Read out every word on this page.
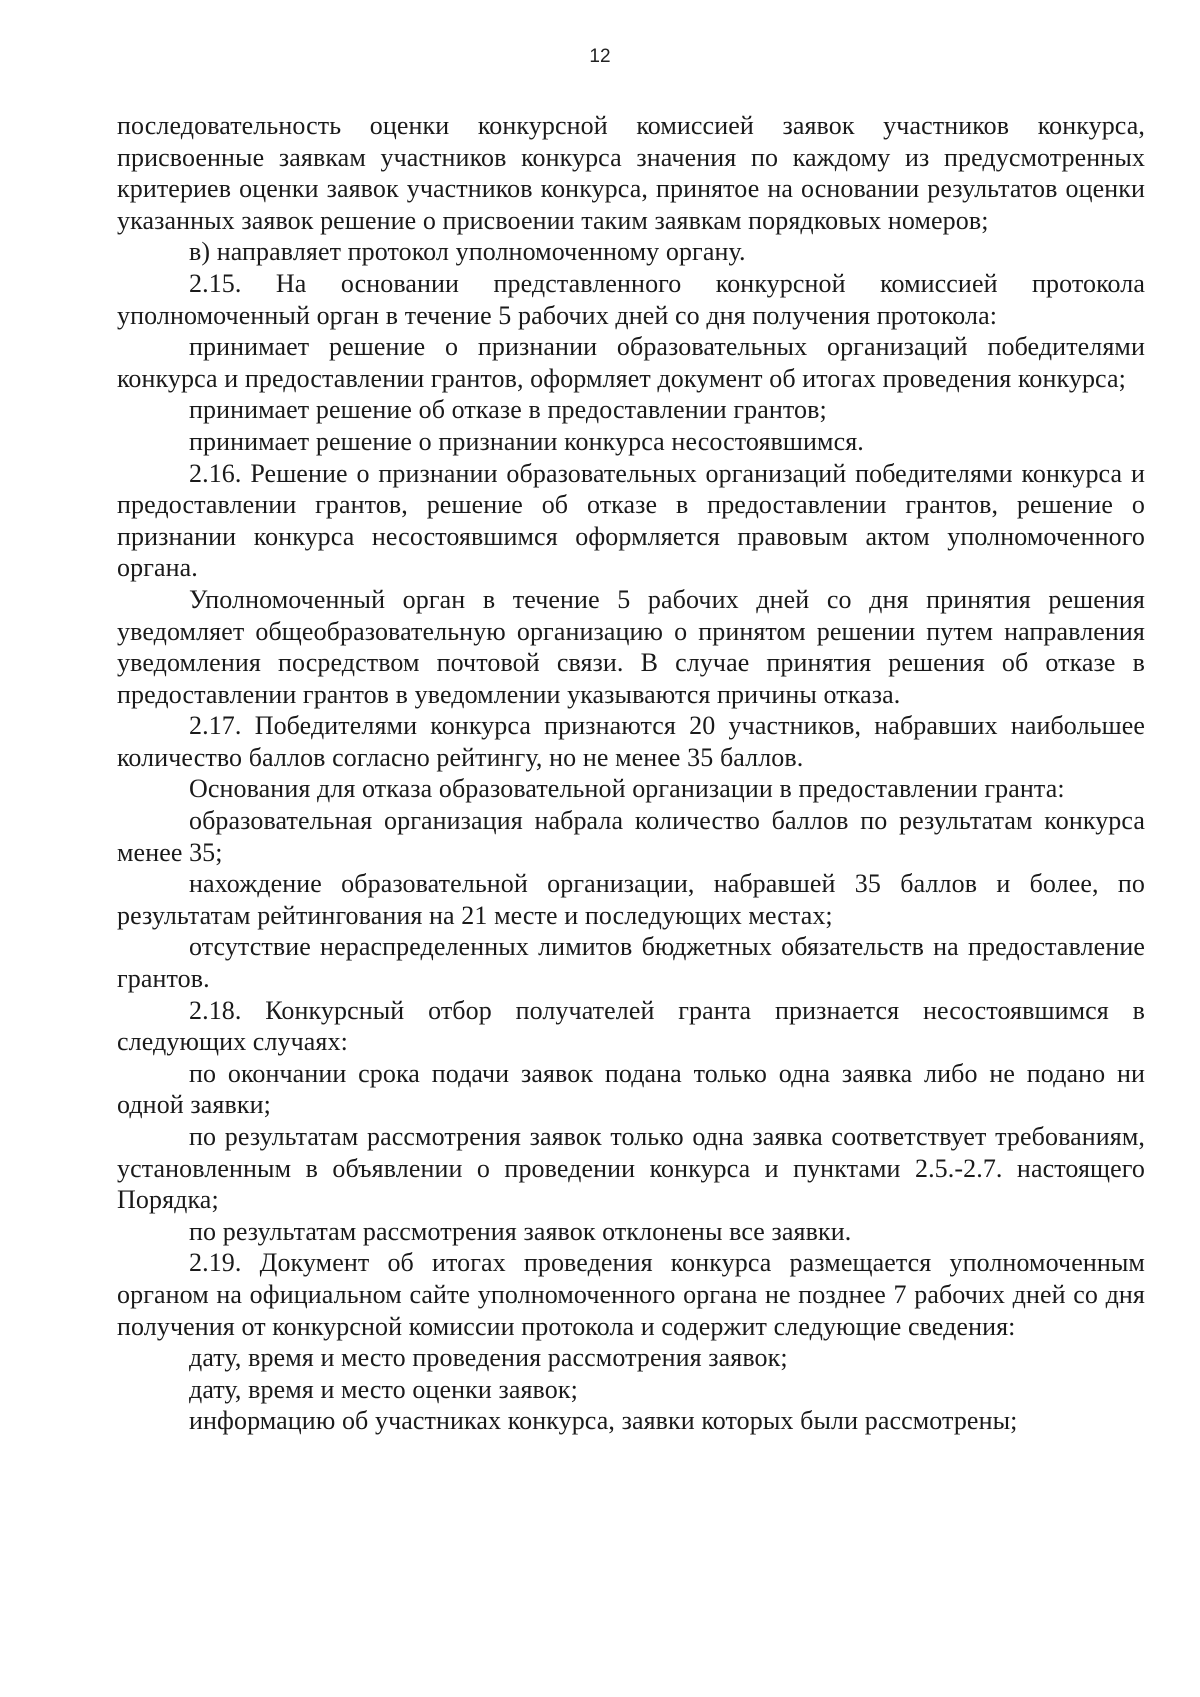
12

последовательность оценки конкурсной комиссией заявок участников конкурса, присвоенные заявкам участников конкурса значения по каждому из предусмотренных критериев оценки заявок участников конкурса, принятое на основании результатов оценки указанных заявок решение о присвоении таким заявкам порядковых номеров;

в) направляет протокол уполномоченному органу.

2.15. На основании представленного конкурсной комиссией протокола уполномоченный орган в течение 5 рабочих дней со дня получения протокола:

принимает решение о признании образовательных организаций победителями конкурса и предоставлении грантов, оформляет документ об итогах проведения конкурса;

принимает решение об отказе в предоставлении грантов;

принимает решение о признании конкурса несостоявшимся.

2.16. Решение о признании образовательных организаций победителями конкурса и предоставлении грантов, решение об отказе в предоставлении грантов, решение о признании конкурса несостоявшимся оформляется правовым актом уполномоченного органа.

Уполномоченный орган в течение 5 рабочих дней со дня принятия решения уведомляет общеобразовательную организацию о принятом решении путем направления уведомления посредством почтовой связи. В случае принятия решения об отказе в предоставлении грантов в уведомлении указываются причины отказа.

2.17. Победителями конкурса признаются 20 участников, набравших наибольшее количество баллов согласно рейтингу, но не менее 35 баллов.

Основания для отказа образовательной организации в предоставлении гранта:

образовательная организация набрала количество баллов по результатам конкурса менее 35;

нахождение образовательной организации, набравшей 35 баллов и более, по результатам рейтингования на 21 месте и последующих местах;

отсутствие нераспределенных лимитов бюджетных обязательств на предоставление грантов.

2.18. Конкурсный отбор получателей гранта признается несостоявшимся в следующих случаях:

по окончании срока подачи заявок подана только одна заявка либо не подано ни одной заявки;

по результатам рассмотрения заявок только одна заявка соответствует требованиям, установленным в объявлении о проведении конкурса и пунктами 2.5.-2.7. настоящего Порядка;

по результатам рассмотрения заявок отклонены все заявки.

2.19. Документ об итогах проведения конкурса размещается уполномоченным органом на официальном сайте уполномоченного органа не позднее 7 рабочих дней со дня получения от конкурсной комиссии протокола и содержит следующие сведения:

дату, время и место проведения рассмотрения заявок;

дату, время и место оценки заявок;

информацию об участниках конкурса, заявки которых были рассмотрены;
